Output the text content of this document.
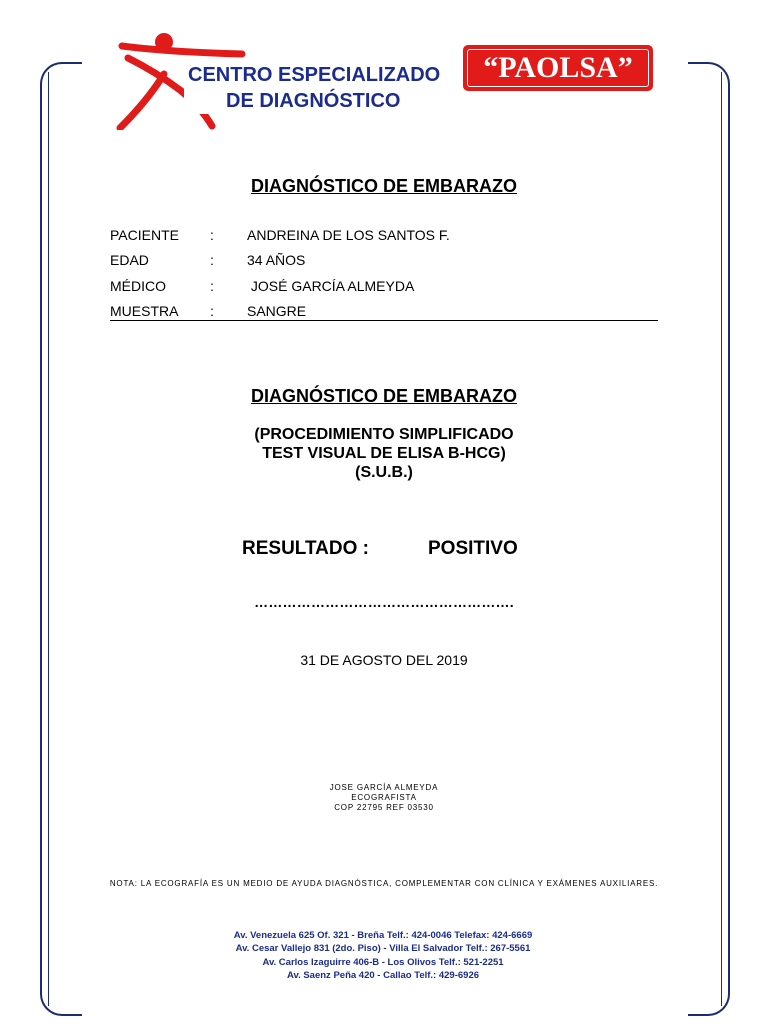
CENTRO ESPECIALIZADO
DE DIAGNÓSTICO
“PAOLSA”
DIAGNÓSTICO DE EMBARAZO
PACIENTE	:	ANDREINA DE LOS SANTOS F.
EDAD	:	34 AÑOS
MÉDICO	:	JOSÉ GARCÍA ALMEYDA
MUESTRA	:	SANGRE
DIAGNÓSTICO DE EMBARAZO
(PROCEDIMIENTO SIMPLIFICADO
TEST VISUAL DE ELISA B-HCG)
(S.U.B.)
RESULTADO :	POSITIVO
……………………………………………….
31 DE AGOSTO DEL 2019
JOSE GARCÍA ALMEYDA
ECOGRAFISTA
COP 22795 REF 03530
NOTA: LA ECOGRAFÍA ES UN MEDIO DE AYUDA DIAGNÓSTICA, COMPLEMENTAR CON CLÍNICA Y EXÁMENES AUXILIARES.
Av. Venezuela 625 Of. 321 - Breña Telf.: 424-0046 Telefax: 424-6669
Av. Cesar Vallejo 831 (2do. Piso) - Villa El Salvador Telf.: 267-5561
Av. Carlos Izaguirre 406-B - Los Olivos Telf.: 521-2251
Av. Saenz Peña 420 - Callao Telf.: 429-6926
